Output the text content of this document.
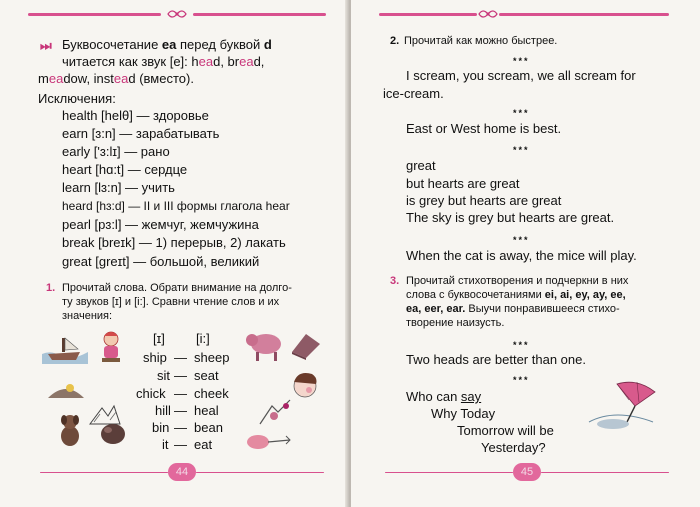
⏭ Буквосочетание ea перед буквой d
читается как звук [e]: head, bread,
meadow, instead (вместо).
Исключения:
health [helθ] — здоровье
earn [ɜ:n] — зарабатывать
early ['ɜ:lɪ] — рано
heart [hɑ:t] — сердце
learn [lɜ:n] — учить
heard [hɜ:d] — II и III формы глагола hear
pearl [pɜ:l] — жемчуг, жемчужина
break [breɪk] — 1) перерыв, 2) лакать
great [greɪt] — большой, великий
1. Прочитай слова. Обрати внимание на долго-
ту звуков [ɪ] и [i:]. Сравни чтение слов и их
значения:
[ɪ] [i:]
ship — sheep
sit — seat
chick — cheek
hill — heal
bin — bean
it — eat
44
2. Прочитай как можно быстрее.
***
I scream, you scream, we all scream for
ice-cream.
***
East or West home is best.
***
great
but hearts are great
is grey but hearts are great
The sky is grey but hearts are great.
***
When the cat is away, the mice will play.
3. Прочитай стихотворения и подчеркни в них
слова с буквосочетаниями ei, ai, ey, ay, ee,
ea, eer, ear. Выучи понравившееся стихо-
творение наизусть.
***
Two heads are better than one.
***
Who can say
Why Today
Tomorrow will be
Yesterday?
45
